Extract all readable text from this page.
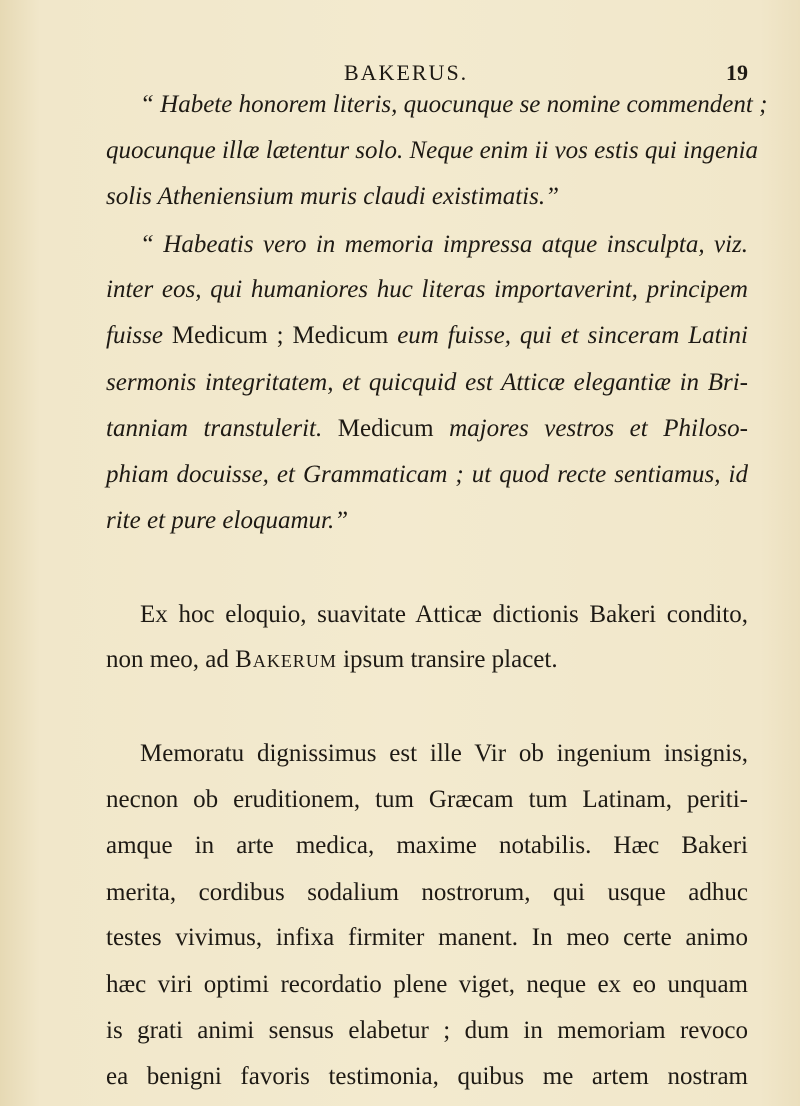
BAKERUS.	19
“ Habete honorem literis, quocunque se nomine commendent ;
quocunque illæ lætentur solo. Neque enim ii vos estis qui ingenia
solis Atheniensium muris claudi existimatis.”
“ Habeatis vero in memoria impressa atque insculpta, viz.
inter eos, qui humaniores huc literas importaverint, principem
fuisse Medicum ; Medicum eum fuisse, qui et sinceram Latini
sermonis integritatem, et quicquid est Atticæ elegantiæ in Bri-
tanniam transtulerit. Medicum majores vestros et Philoso-
phiam docuisse, et Grammaticam ; ut quod recte sentiamus, id
rite et pure eloquamur.”
Ex hoc eloquio, suavitate Atticæ dictionis Bakeri condito,
non meo, ad Bakerum ipsum transire placet.
Memoratu dignissimus est ille Vir ob ingenium insignis,
necnon ob eruditionem, tum Græcam tum Latinam, periti-
amque in arte medica, maxime notabilis. Hæc Bakeri
merita, cordibus sodalium nostrorum, qui usque adhuc
testes vivimus, infixa firmiter manent. In meo certe animo
hæc viri optimi recordatio plene viget, neque ex eo unquam
is grati animi sensus elabetur ; dum in memoriam revoco
ea benigni favoris testimonia, quibus me artem nostram
